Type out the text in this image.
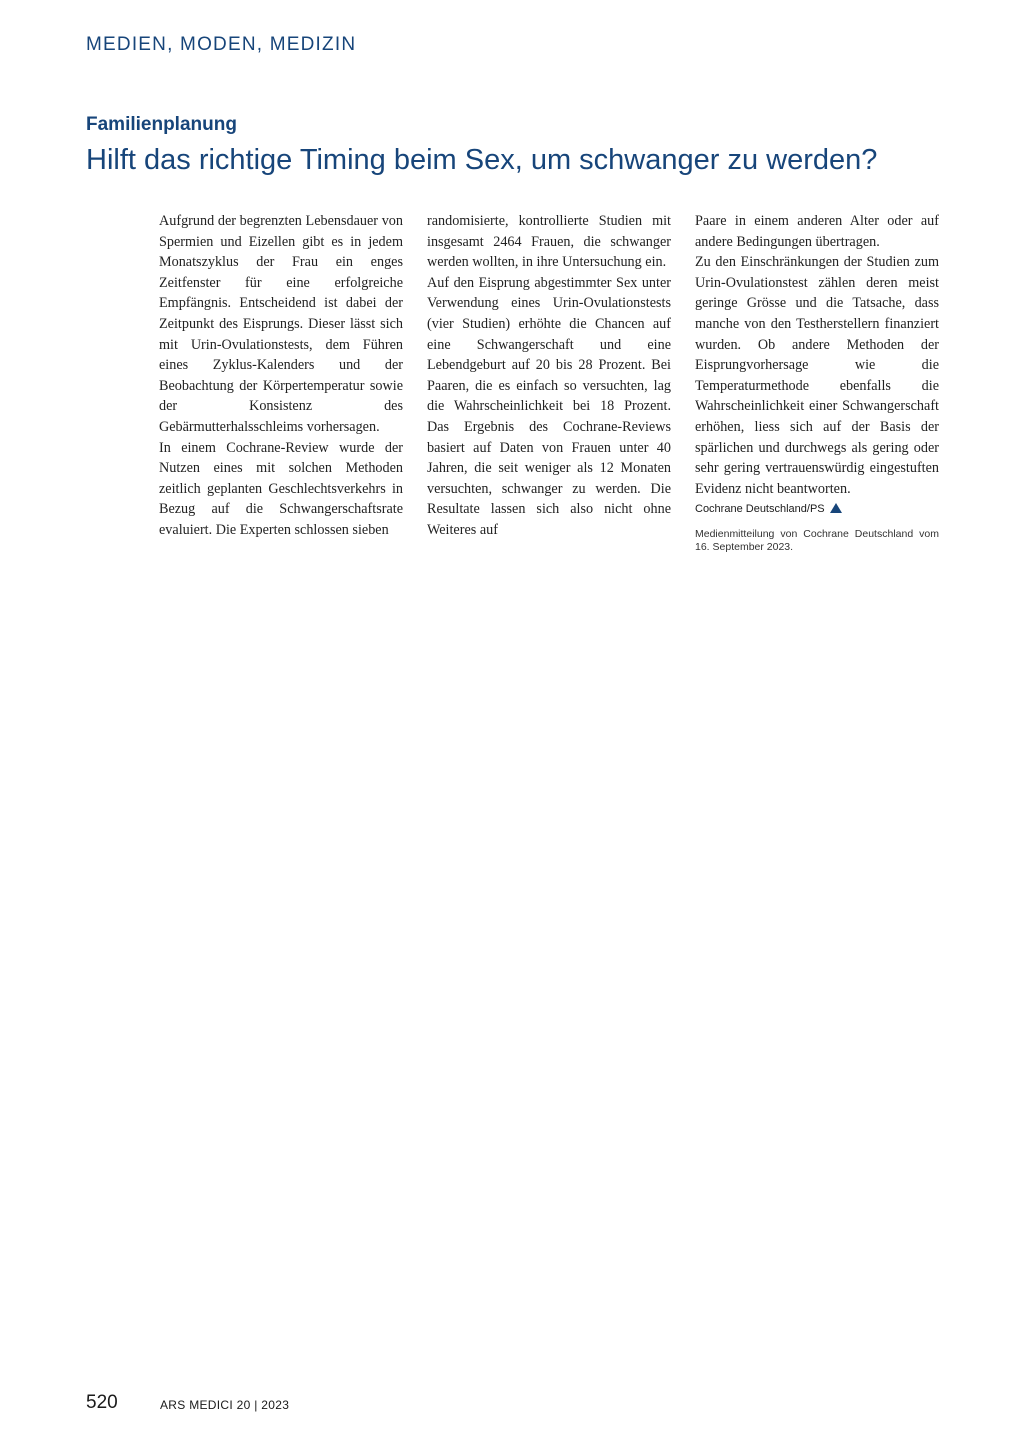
MEDIEN, MODEN, MEDIZIN
Familienplanung
Hilft das richtige Timing beim Sex, um schwanger zu werden?

Aufgrund der begrenzten Lebensdauer von Spermien und Eizellen gibt es in jedem Monatszyklus der Frau ein enges Zeitfenster für eine erfolgreiche Empfängnis. Entscheidend ist dabei der Zeitpunkt des Eisprungs. Dieser lässt sich mit Urin-Ovulationstests, dem Führen eines Zyklus-Kalenders und der Beobachtung der Körpertemperatur sowie der Konsistenz des Gebärmutterhalsschleims vorhersagen.

In einem Cochrane-Review wurde der Nutzen eines mit solchen Methoden zeitlich geplanten Geschlechtsverkehrs in Bezug auf die Schwangerschaftsrate evaluiert. Die Experten schlossen sieben

randomisierte, kontrollierte Studien mit insgesamt 2464 Frauen, die schwanger werden wollten, in ihre Untersuchung ein.

Auf den Eisprung abgestimmter Sex unter Verwendung eines Urin-Ovulationstests (vier Studien) erhöhte die Chancen auf eine Schwangerschaft und eine Lebendgeburt auf 20 bis 28 Prozent. Bei Paaren, die es einfach so versuchten, lag die Wahrscheinlichkeit bei 18 Prozent. Das Ergebnis des Cochrane-Reviews basiert auf Daten von Frauen unter 40 Jahren, die seit weniger als 12 Monaten versuchten, schwanger zu werden. Die Resultate lassen sich also nicht ohne Weiteres auf

Paare in einem anderen Alter oder auf andere Bedingungen übertragen.

Zu den Einschränkungen der Studien zum Urin-Ovulationstest zählen deren meist geringe Grösse und die Tatsache, dass manche von den Testherstellern finanziert wurden. Ob andere Methoden der Eisprungvorhersage wie die Temperaturmethode ebenfalls die Wahrscheinlichkeit einer Schwangerschaft erhöhen, liess sich auf der Basis der spärlichen und durchwegs als gering oder sehr gering vertrauenswürdig eingestuften Evidenz nicht beantworten.

Cochrane Deutschland/PS
Medienmitteilung von Cochrane Deutschland vom 16. September 2023.
520	ARS MEDICI 20 | 2023
